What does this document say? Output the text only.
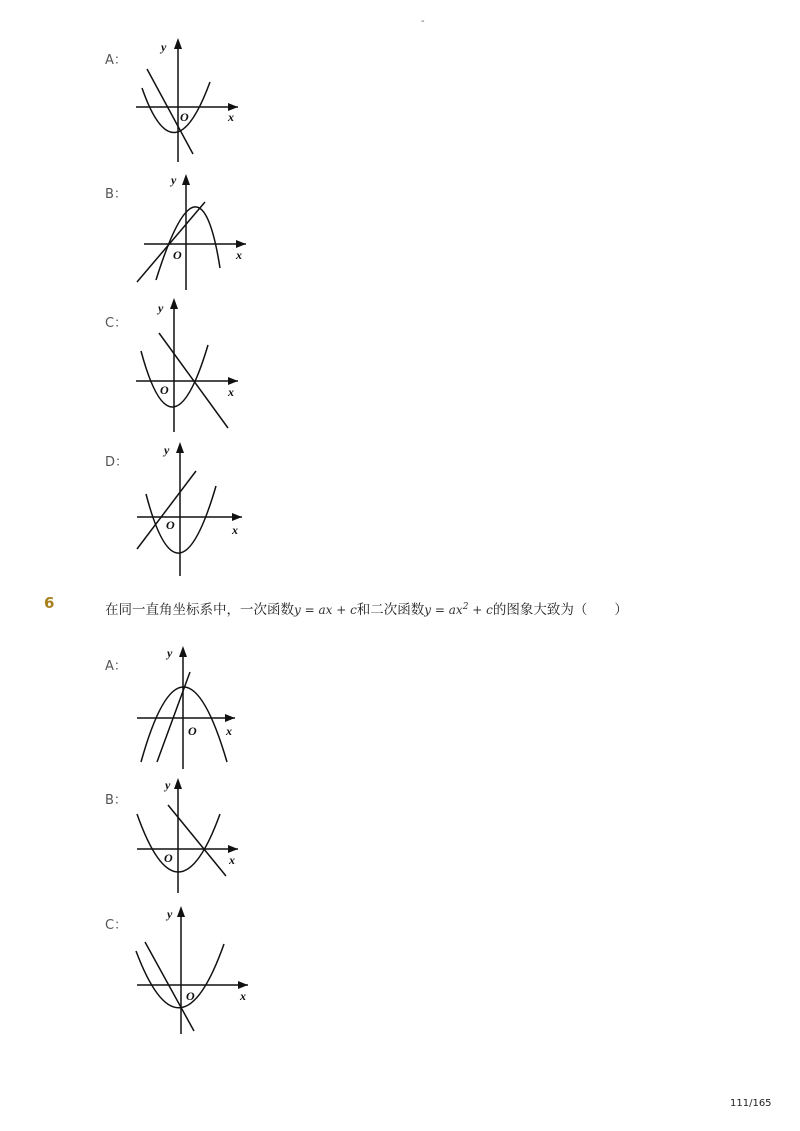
-
A：
x
y
O
B：
x
y
O
C：
x
y
O
D：
x
y
O
6	在同一直角坐标系中，一次函数y = ax + c和二次函数$y = ax^2 + c$的图象大致为（　　）
A：
x
y
O
B：
x
y
O
C：
x
y
O
111/165
